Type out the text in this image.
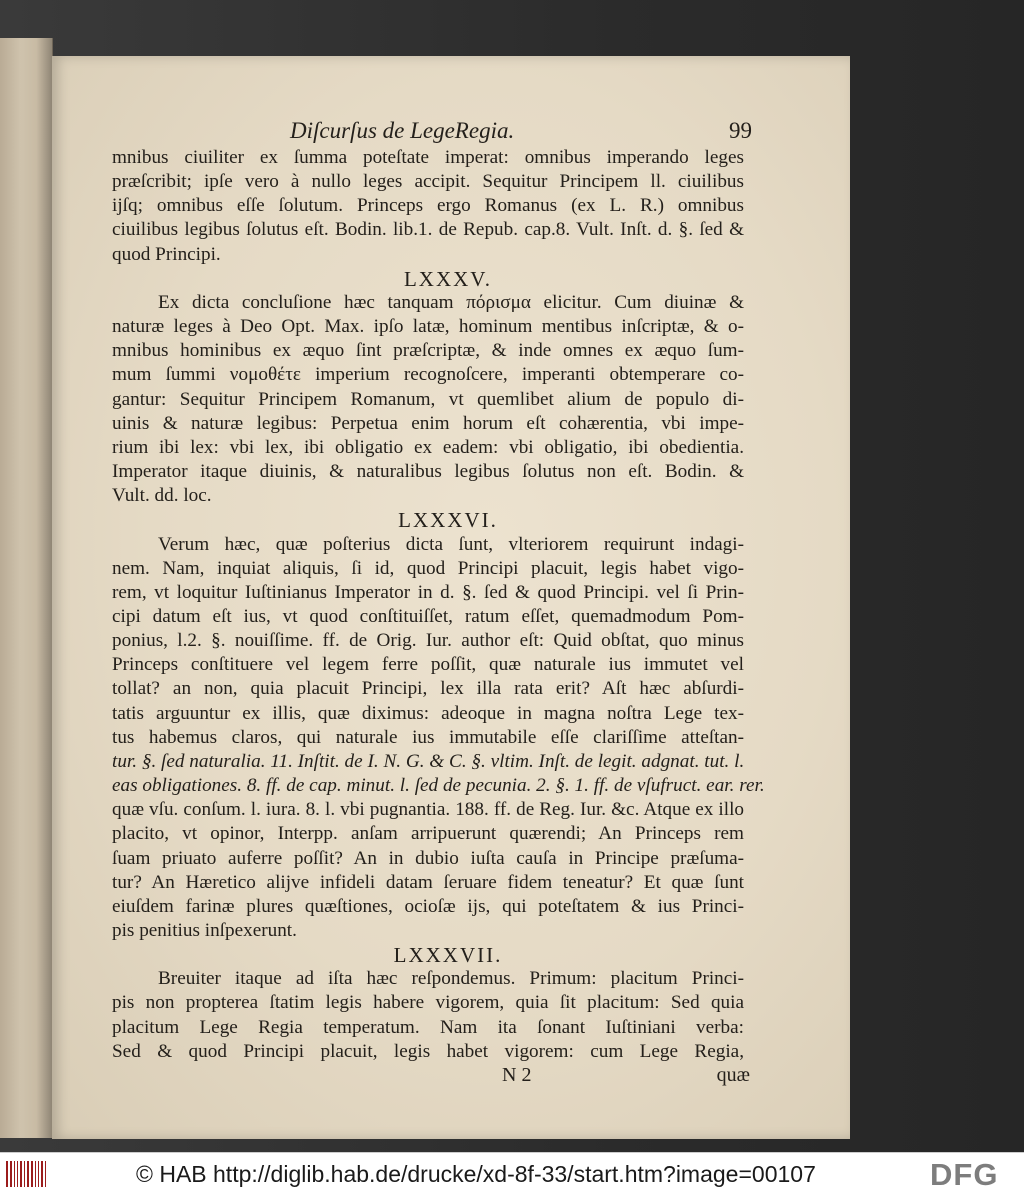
Diſcurſus de LegeRegia.	99
mnibus ciuiliter ex ſumma poteſtate imperat: omnibus imperando leges
præſcribit; ipſe vero à nullo leges accipit. Sequitur Principem ll. ciuilibus
ijſq; omnibus eſſe ſolutum. Princeps ergo Romanus (ex L. R.) omnibus
ciuilibus legibus ſolutus eſt. Bodin. lib.1. de Repub. cap.8. Vult. Inſt. d. §. ſed &
quod Principi.
LXXXV.
Ex dicta concluſione hæc tanquam πόρισμα elicitur. Cum diuinæ &
naturæ leges à Deo Opt. Max. ipſo latæ, hominum mentibus inſcriptæ, & o-
mnibus hominibus ex æquo ſint præſcriptæ, & inde omnes ex æquo ſum-
mum ſummi νομοθέτε imperium recognoſcere, imperanti obtemperare co-
gantur: Sequitur Principem Romanum, vt quemlibet alium de populo di-
uinis & naturæ legibus: Perpetua enim horum eſt cohærentia, vbi impe-
rium ibi lex: vbi lex, ibi obligatio ex eadem: vbi obligatio, ibi obedientia.
Imperator itaque diuinis, & naturalibus legibus ſolutus non eſt. Bodin. &
Vult. dd. loc.
LXXXVI.
Verum hæc, quæ poſterius dicta ſunt, vlteriorem requirunt indagi-
nem. Nam, inquiat aliquis, ſi id, quod Principi placuit, legis habet vigo-
rem, vt loquitur Iuſtinianus Imperator in d. §. ſed & quod Principi. vel ſi Prin-
cipi datum eſt ius, vt quod conſtituiſſet, ratum eſſet, quemadmodum Pom-
ponius, l.2. §. nouiſſime. ff. de Orig. Iur. author eſt: Quid obſtat, quo minus
Princeps conſtituere vel legem ferre poſſit, quæ naturale ius immutet vel
tollat? an non, quia placuit Principi, lex illa rata erit? Aſt hæc abſurdi-
tatis arguuntur ex illis, quæ diximus: adeoque in magna noſtra Lege tex-
tus habemus claros, qui naturale ius immutabile eſſe clariſſime atteſtan-
tur. §. ſed naturalia. 11. Inſtit. de I. N. G. & C. §. vltim. Inſt. de legit. adgnat. tut. l.
eas obligationes. 8. ff. de cap. minut. l. ſed de pecunia. 2. §. 1. ff. de vſufruct. ear. rer.
quæ vſu. conſum. l. iura. 8. l. vbi pugnantia. 188. ff. de Reg. Iur. &c. Atque ex illo
placito, vt opinor, Interpp. anſam arripuerunt quærendi; An Princeps rem
ſuam priuato auferre poſſit? An in dubio iuſta cauſa in Principe præſuma-
tur? An Hæretico alijve infideli datam ſeruare fidem teneatur? Et quæ ſunt
eiuſdem farinæ plures quæſtiones, ocioſæ ijs, qui poteſtatem & ius Princi-
pis penitius inſpexerunt.
LXXXVII.
Breuiter itaque ad iſta hæc reſpondemus. Primum: placitum Princi-
pis non propterea ſtatim legis habere vigorem, quia ſit placitum: Sed quia
placitum Lege Regia temperatum. Nam ita ſonant Iuſtiniani verba:
Sed & quod Principi placuit, legis habet vigorem: cum Lege Regia,
N 2	quæ
© HAB http://diglib.hab.de/drucke/xd-8f-33/start.htm?image=00107	DFG
